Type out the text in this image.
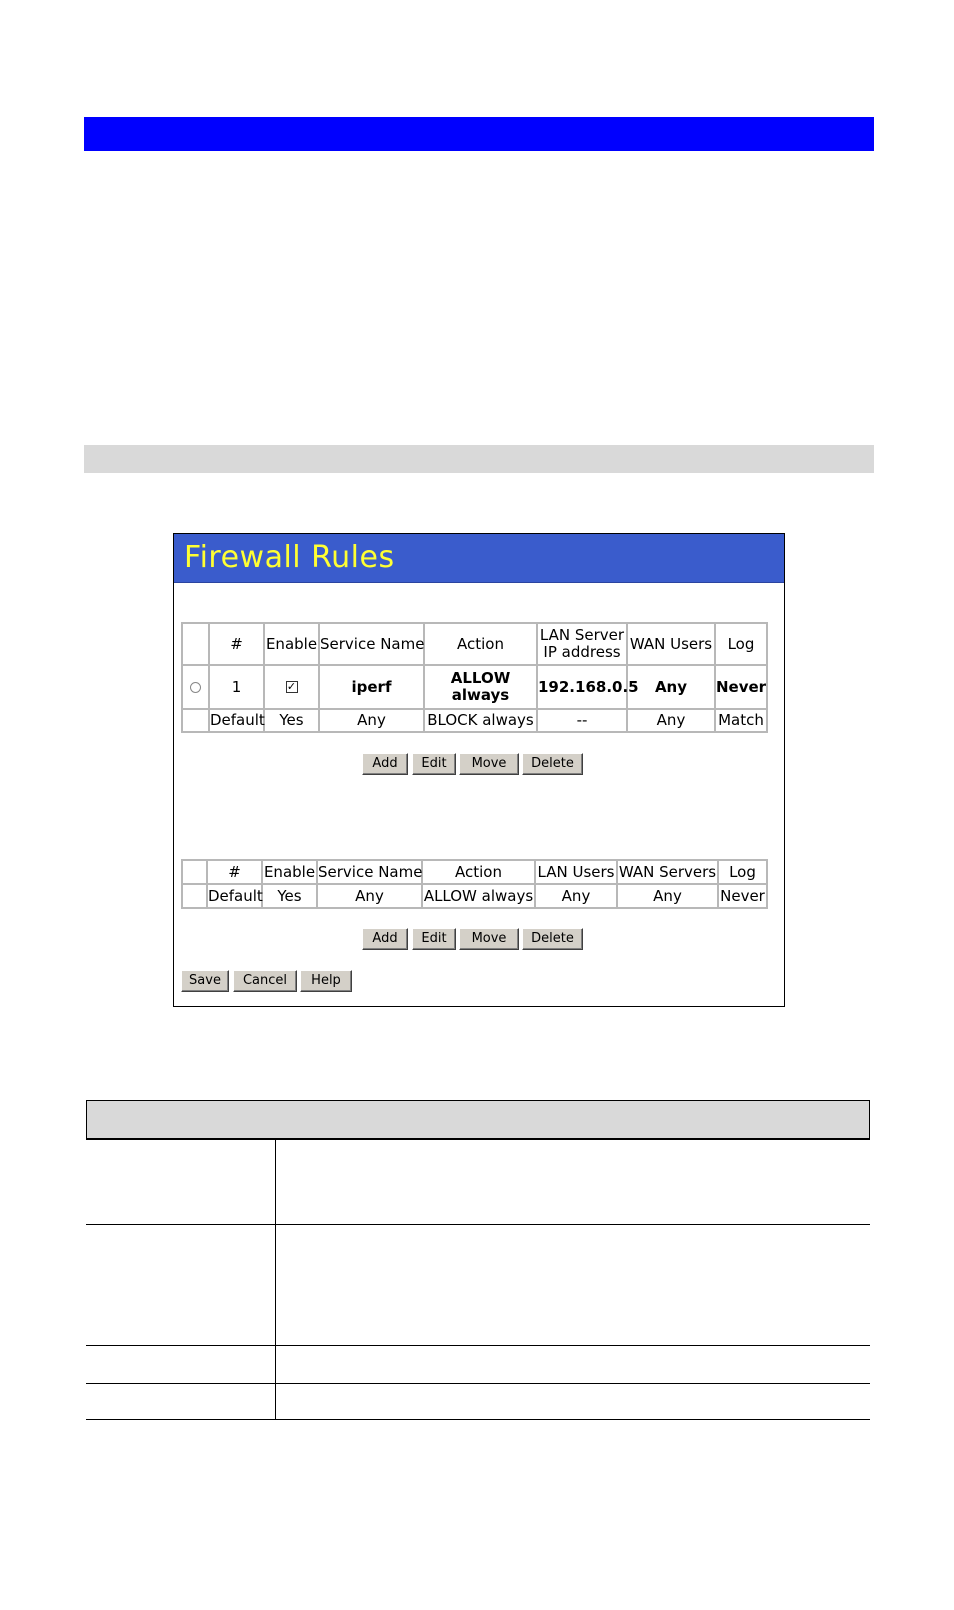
Firewall Rules
	#	Enable	Service Name	Action	LAN Server
IP address	WAN Users	Log
	1	✓	iperf	ALLOW
always	192.168.0.5	Any	Never
	Default	Yes	Any	BLOCK always	--	Any	Match
Add	Edit	Move	Delete
	#	Enable	Service Name	Action	LAN Users	WAN Servers	Log
	Default	Yes	Any	ALLOW always	Any	Any	Never
Add	Edit	Move	Delete
Save	Cancel	Help
